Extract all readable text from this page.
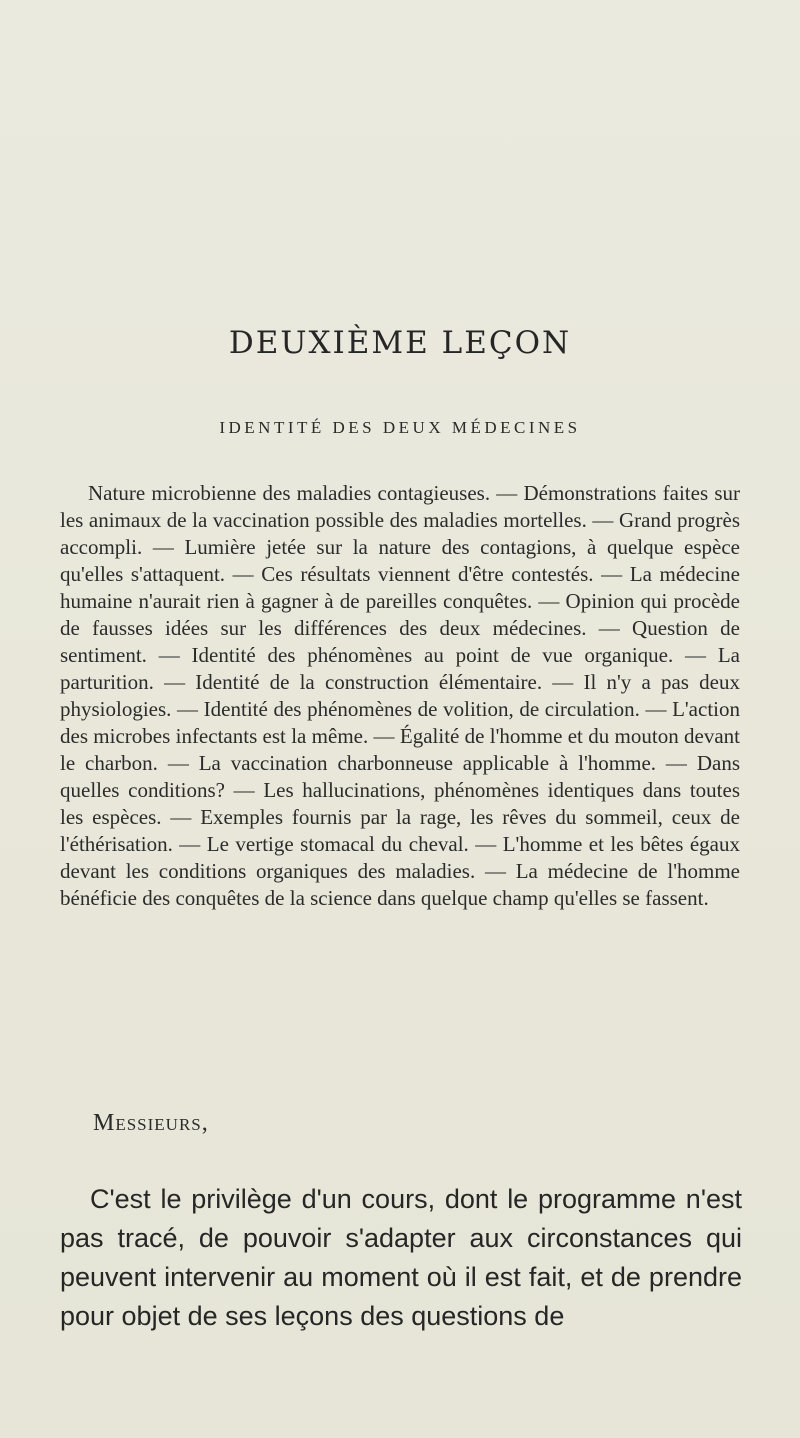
DEUXIÈME LEÇON
IDENTITÉ DES DEUX MÉDECINES

Nature microbienne des maladies contagieuses. — Démonstrations faites sur les animaux de la vaccination possible des maladies mortelles. — Grand progrès accompli. — Lumière jetée sur la nature des contagions, à quelque espèce qu'elles s'attaquent. — Ces résultats viennent d'être contestés. — La médecine humaine n'aurait rien à gagner à de pareilles conquêtes. — Opinion qui procède de fausses idées sur les différences des deux médecines. — Question de sentiment. — Identité des phénomènes au point de vue organique. — La parturition. — Identité de la construction élémentaire. — Il n'y a pas deux physiologies. — Identité des phénomènes de volition, de circulation. — L'action des microbes infectants est la même. — Égalité de l'homme et du mouton devant le charbon. — La vaccination charbonneuse applicable à l'homme. — Dans quelles conditions? — Les hallucinations, phénomènes identiques dans toutes les espèces. — Exemples fournis par la rage, les rêves du sommeil, ceux de l'éthérisation. — Le vertige stomacal du cheval. — L'homme et les bêtes égaux devant les conditions organiques des maladies. — La médecine de l'homme bénéficie des conquêtes de la science dans quelque champ qu'elles se fassent.

Messieurs,

C'est le privilège d'un cours, dont le programme n'est pas tracé, de pouvoir s'adapter aux circonstances qui peuvent intervenir au moment où il est fait, et de prendre pour objet de ses leçons des questions de
